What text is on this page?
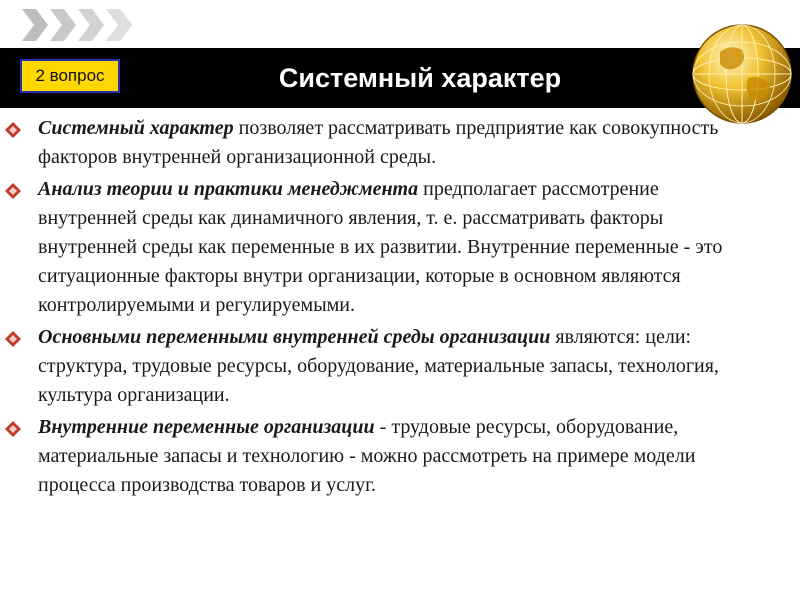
2 вопрос	Системный характер
Системный характер позволяет рассматривать предприятие как совокупность факторов внутренней организационной среды.
Анализ теории и практики менеджмента предполагает рассмотрение внутренней среды как динамичного явления, т. е. рассматривать факторы внутренней среды как переменные в их развитии. Внутренние переменные - это ситуационные факторы внутри организации, которые в основном являются контролируемыми и регулируемыми.
Основными переменными внутренней среды организации являются: цели: структура, трудовые ресурсы, оборудование, материальные запасы, технология, культура организации.
Внутренние переменные организации - трудовые ресурсы, оборудование, материальные запасы и технологию - можно рассмотреть на примере модели процесса производства товаров и услуг.
